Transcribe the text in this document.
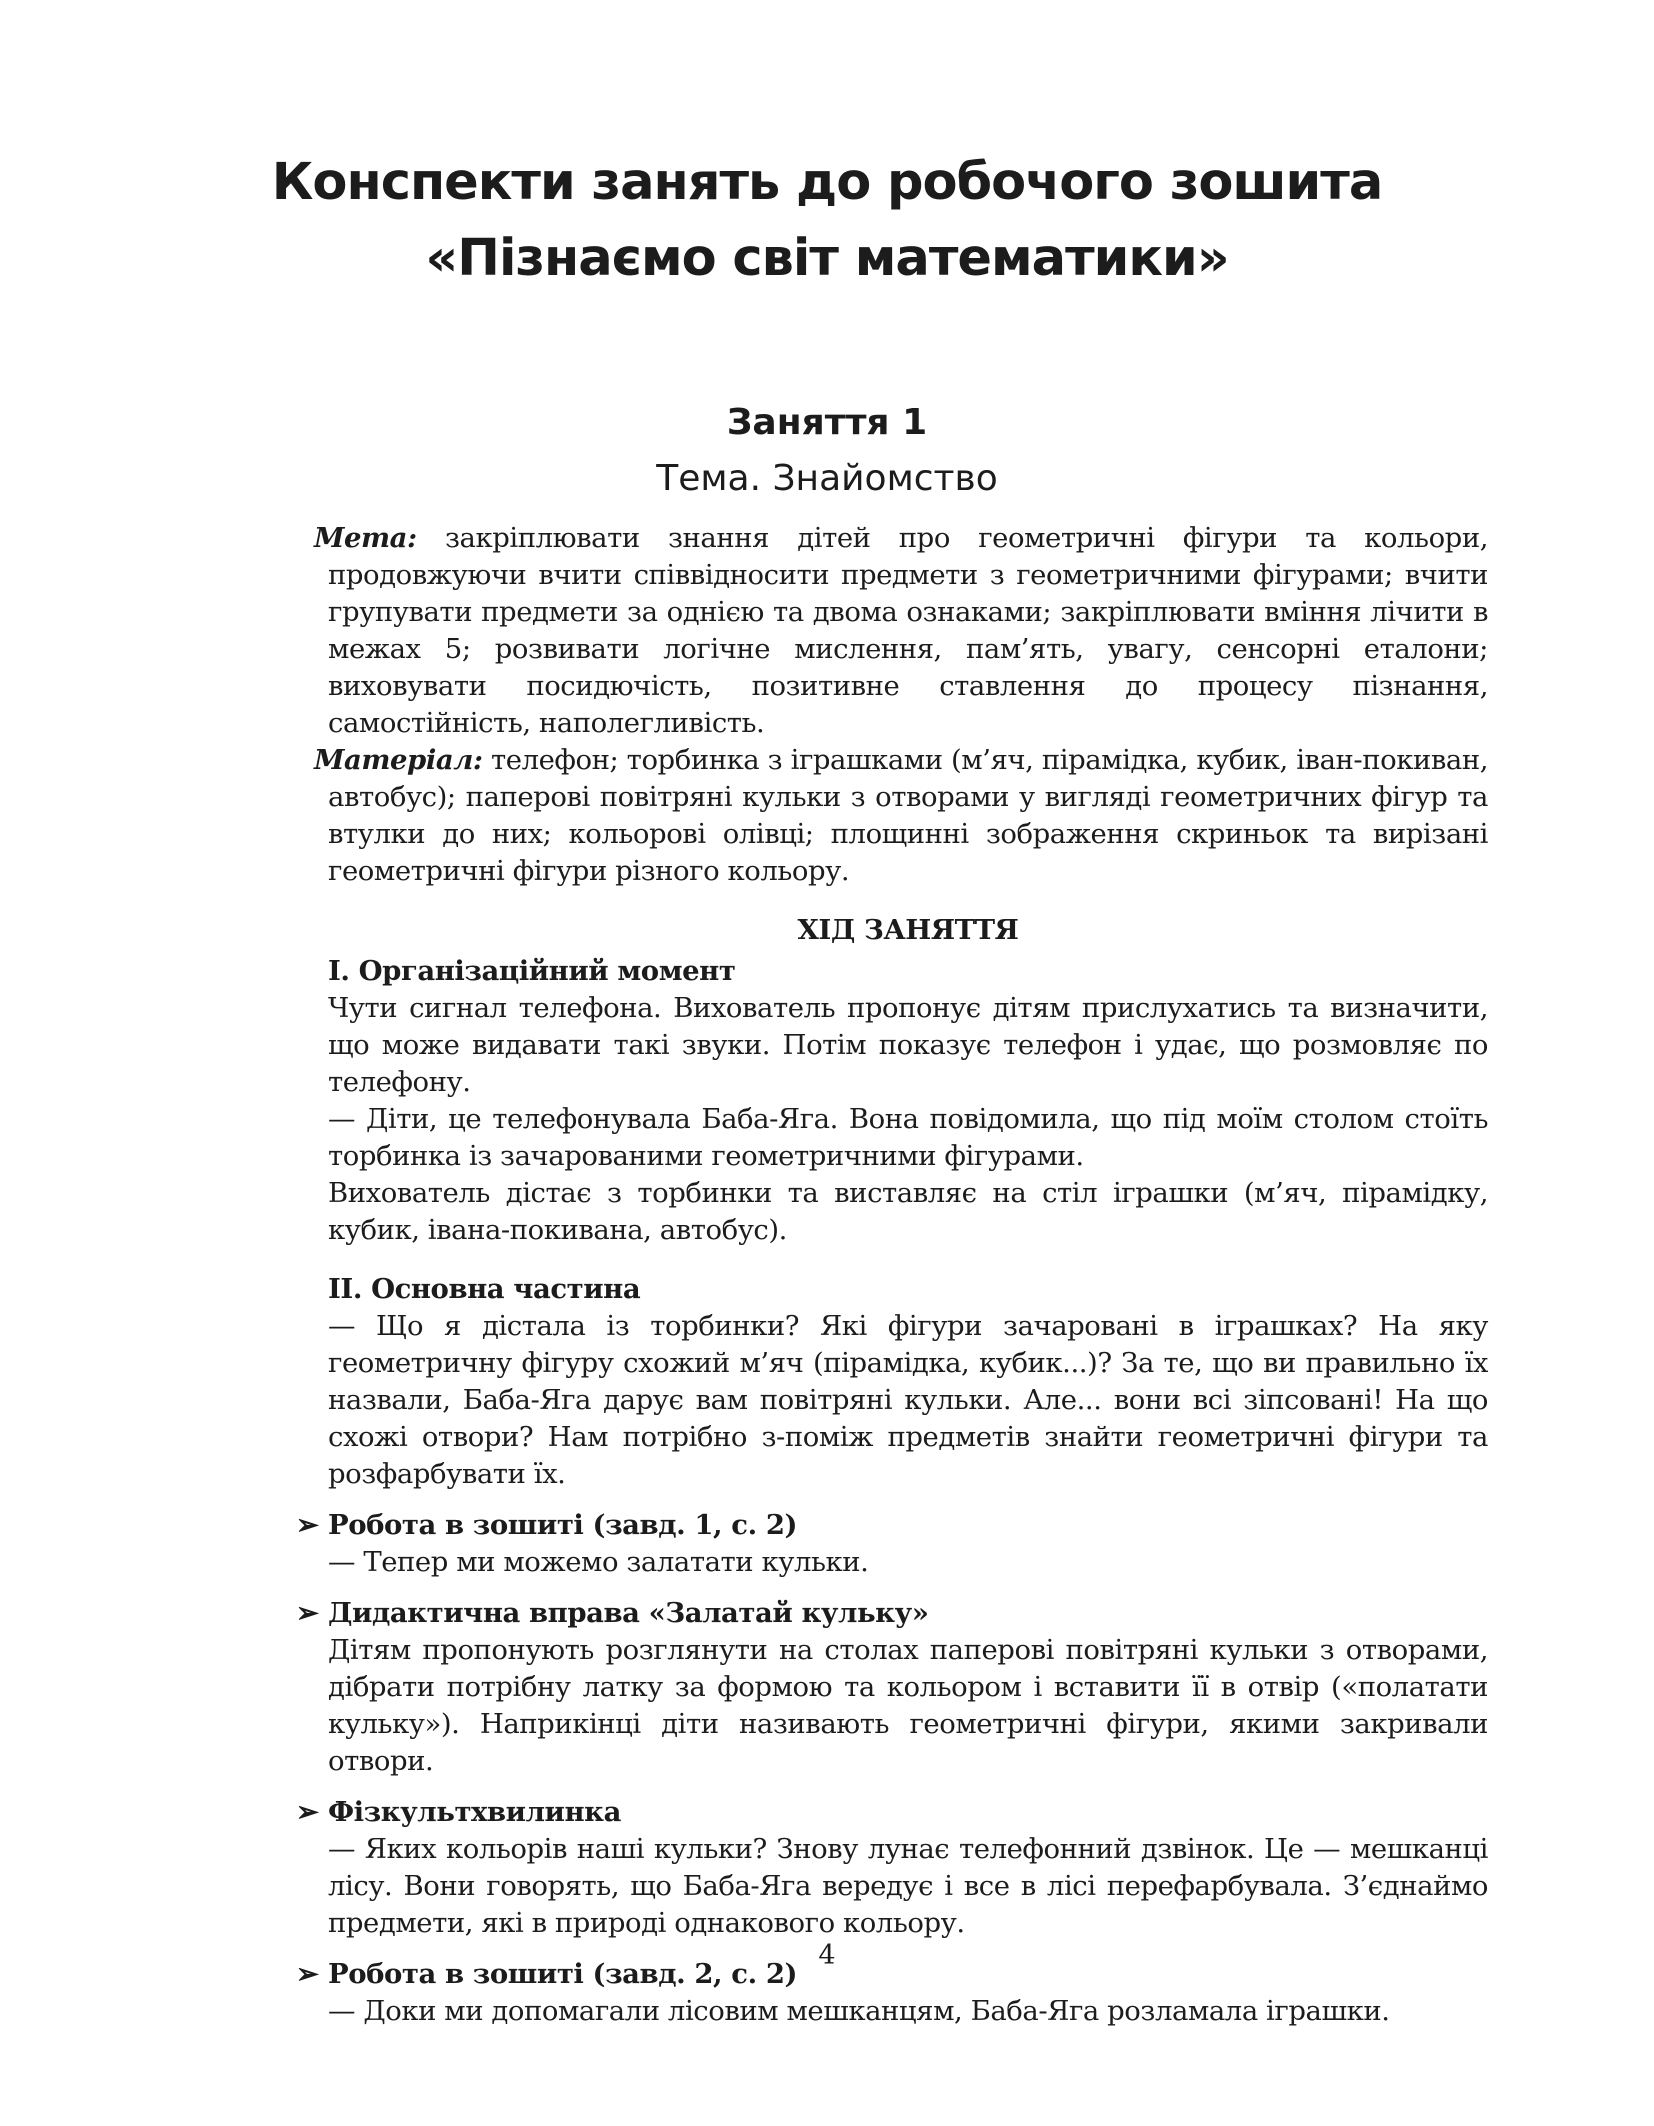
Конспекти занять до робочого зошита
«Пізнаємо світ математики»
Заняття 1
Тема. Знайомство

Мета: закріплювати знання дітей про геометричні фігури та кольори, продовжуючи вчити співвідносити предмети з геометричними фігурами; вчити групувати предмети за однією та двома ознаками; закріплювати вміння лічити в межах 5; розвивати логічне мислення, пам’ять, увагу, сенсорні еталони; виховувати посидючість, позитивне ставлення до процесу пізнання, самостійність, наполегливість.

Матеріал: телефон; торбинка з іграшками (м’яч, пірамідка, кубик, іван-покиван, автобус); паперові повітряні кульки з отворами у вигляді геометричних фігур та втулки до них; кольорові олівці; площинні зображення скриньок та вирізані геометричні фігури різного кольору.

ХІД ЗАНЯТТЯ
І. Організаційний момент

Чути сигнал телефона. Вихователь пропонує дітям прислухатись та визначити, що може видавати такі звуки. Потім показує телефон і удає, що розмовляє по телефону.

— Діти, це телефонувала Баба-Яга. Вона повідомила, що під моїм столом стоїть торбинка із зачарованими геометричними фігурами.

Вихователь дістає з торбинки та виставляє на стіл іграшки (м’яч, пірамідку, кубик, івана-покивана, автобус).

ІІ. Основна частина

— Що я дістала із торбинки? Які фігури зачаровані в іграшках? На яку геометричну фігуру схожий м’яч (пірамідка, кубик...)? За те, що ви правильно їх назвали, Баба-Яга дарує вам повітряні кульки. Але... вони всі зіпсовані! На що схожі отвори? Нам потрібно з-поміж предметів знайти геометричні фігури та розфарбувати їх.

➢ Робота в зошиті (завд. 1, с. 2)

— Тепер ми можемо залатати кульки.

➢ Дидактична вправа «Залатай кульку»

Дітям пропонують розглянути на столах паперові повітряні кульки з отворами, дібрати потрібну латку за формою та кольором і вставити її в отвір («полатати кульку»). Наприкінці діти називають геометричні фігури, якими закривали отвори.

➢ Фізкультхвилинка

— Яких кольорів наші кульки? Знову лунає телефонний дзвінок. Це — мешканці лісу. Вони говорять, що Баба-Яга вередує і все в лісі перефарбувала. З’єднаймо предмети, які в природі однакового кольору.

➢ Робота в зошиті (завд. 2, с. 2)

— Доки ми допомагали лісовим мешканцям, Баба-Яга розламала іграшки.

4
